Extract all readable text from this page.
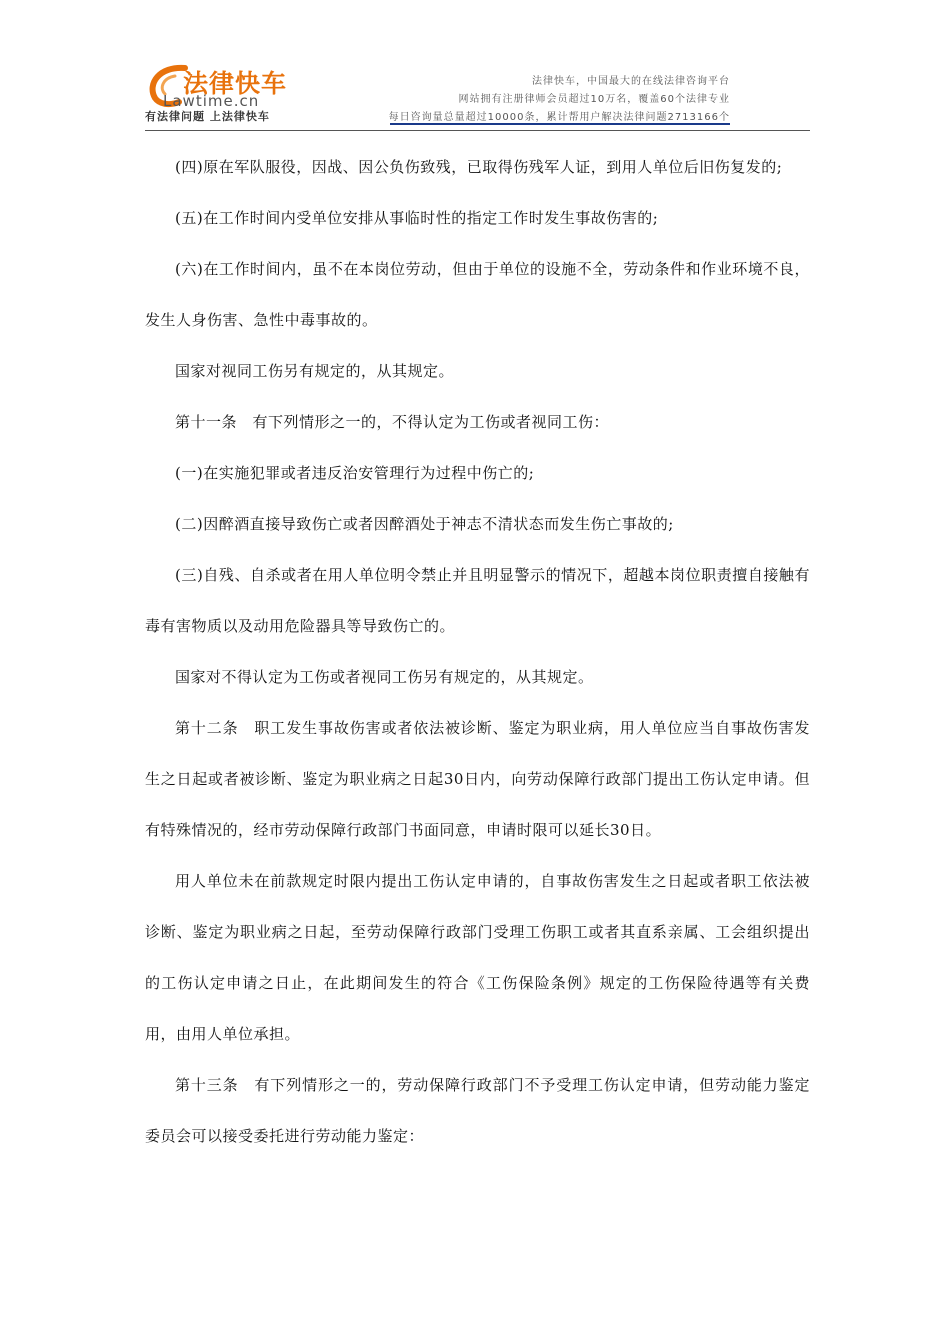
法律快车
Lawtime.cn
有法律问题 上法律快车
法律快车，中国最大的在线法律咨询平台
网站拥有注册律师会员超过10万名，覆盖60个法律专业
每日咨询量总量超过10000条，累计帮用户解决法律问题2713166个

(四)原在军队服役，因战、因公负伤致残，已取得伤残军人证，到用人单位后旧伤复发的;

(五)在工作时间内受单位安排从事临时性的指定工作时发生事故伤害的;

(六)在工作时间内，虽不在本岗位劳动，但由于单位的设施不全，劳动条件和作业环境不良，发生人身伤害、急性中毒事故的。

国家对视同工伤另有规定的，从其规定。

第十一条　有下列情形之一的，不得认定为工伤或者视同工伤：

(一)在实施犯罪或者违反治安管理行为过程中伤亡的;

(二)因醉酒直接导致伤亡或者因醉酒处于神志不清状态而发生伤亡事故的;

(三)自残、自杀或者在用人单位明令禁止并且明显警示的情况下，超越本岗位职责擅自接触有毒有害物质以及动用危险器具等导致伤亡的。

国家对不得认定为工伤或者视同工伤另有规定的，从其规定。

第十二条　职工发生事故伤害或者依法被诊断、鉴定为职业病，用人单位应当自事故伤害发生之日起或者被诊断、鉴定为职业病之日起30日内，向劳动保障行政部门提出工伤认定申请。但有特殊情况的，经市劳动保障行政部门书面同意，申请时限可以延长30日。

用人单位未在前款规定时限内提出工伤认定申请的，自事故伤害发生之日起或者职工依法被诊断、鉴定为职业病之日起，至劳动保障行政部门受理工伤职工或者其直系亲属、工会组织提出的工伤认定申请之日止，在此期间发生的符合《工伤保险条例》规定的工伤保险待遇等有关费用，由用人单位承担。

第十三条　有下列情形之一的，劳动保障行政部门不予受理工伤认定申请，但劳动能力鉴定委员会可以接受委托进行劳动能力鉴定：
